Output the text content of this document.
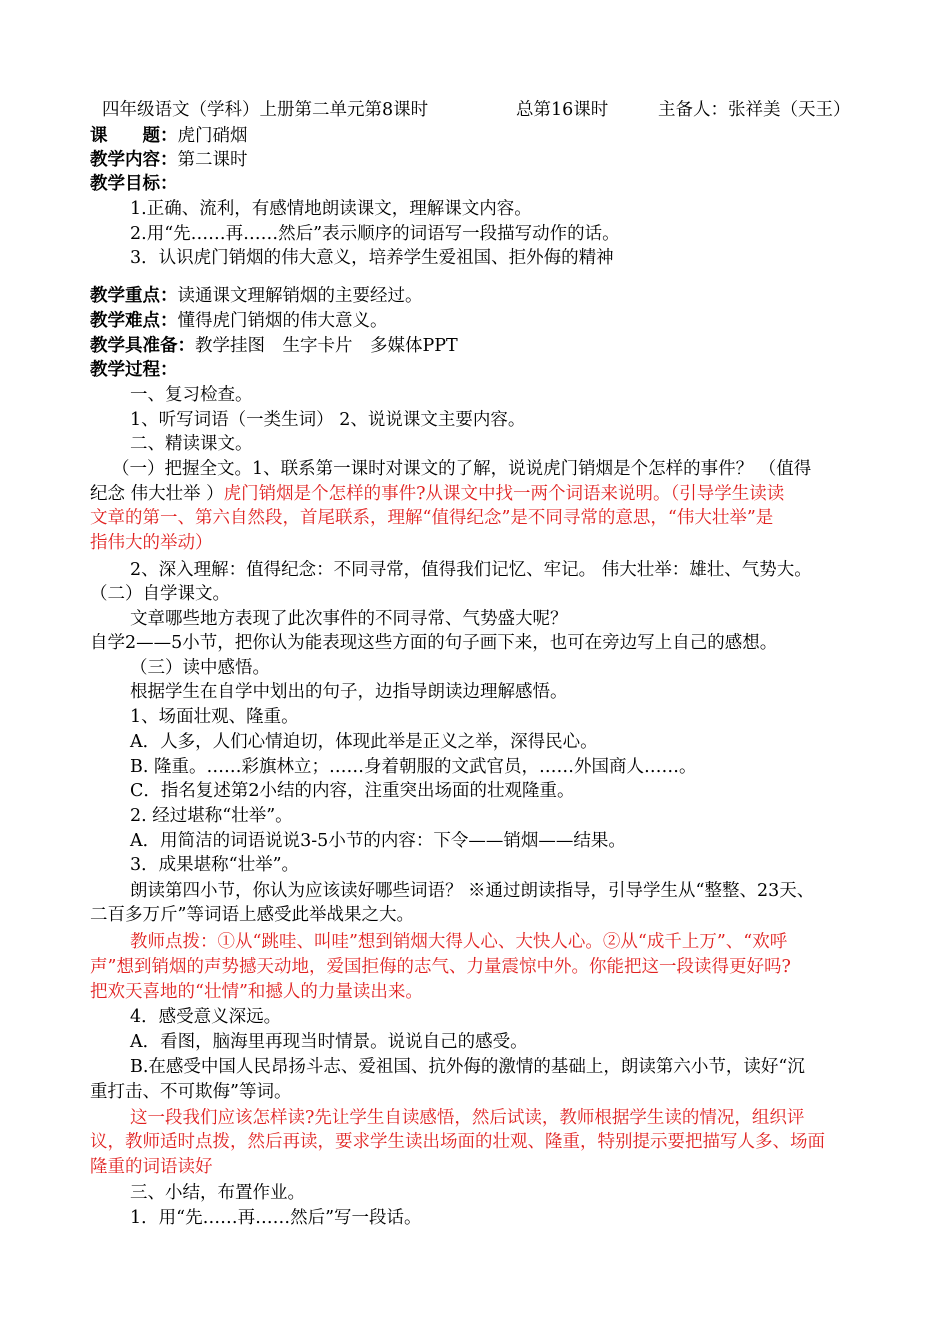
四年级语文（学科）上册第二单元第8课时	总第16课时	主备人：张祥美（天王）
课　　题：虎门硝烟
教学内容：第二课时
教学目标：
1.正确、流利，有感情地朗读课文，理解课文内容。
2.用“先……再……然后”表示顺序的词语写一段描写动作的话。
3．认识虎门销烟的伟大意义，培养学生爱祖国、拒外侮的精神
教学重点：读通课文理解销烟的主要经过。
教学难点：懂得虎门销烟的伟大意义。
教学具准备：教学挂图　生字卡片　多媒体PPT
教学过程：
一、复习检查。
1、听写词语（一类生词） 2、说说课文主要内容。
二、精读课文。
（一）把握全文。1、联系第一课时对课文的了解，说说虎门销烟是个怎样的事件？ （值得
纪念 伟大壮举 ）虎门销烟是个怎样的事件?从课文中找一两个词语来说明。（引导学生读读
文章的第一、第六自然段，首尾联系，理解“值得纪念”是不同寻常的意思，“伟大壮举”是
指伟大的举动）
2、深入理解：值得纪念：不同寻常，值得我们记忆、牢记。 伟大壮举：雄壮、气势大。
（二）自学课文。
文章哪些地方表现了此次事件的不同寻常、气势盛大呢？
自学2——5小节，把你认为能表现这些方面的句子画下来，也可在旁边写上自己的感想。
（三）读中感悟。
根据学生在自学中划出的句子，边指导朗读边理解感悟。
1、场面壮观、隆重。
A．人多，人们心情迫切，体现此举是正义之举，深得民心。
B. 隆重。……彩旗林立；……身着朝服的文武官员，……外国商人……。
C．指名复述第2小结的内容，注重突出场面的壮观隆重。
2. 经过堪称“壮举”。
A．用简洁的词语说说3-5小节的内容：下令——销烟——结果。
3．成果堪称“壮举”。
朗读第四小节，你认为应该读好哪些词语？ ※通过朗读指导，引导学生从“整整、23天、
二百多万斤”等词语上感受此举战果之大。
教师点拨：①从“跳哇、叫哇”想到销烟大得人心、大快人心。②从“成千上万”、“欢呼
声”想到销烟的声势撼天动地，爱国拒侮的志气、力量震惊中外。你能把这一段读得更好吗?
把欢天喜地的“壮情”和撼人的力量读出来。
4．感受意义深远。
A．看图，脑海里再现当时情景。说说自己的感受。
B.在感受中国人民昂扬斗志、爱祖国、抗外侮的激情的基础上，朗读第六小节，读好“沉
重打击、不可欺侮”等词。
这一段我们应该怎样读?先让学生自读感悟，然后试读，教师根据学生读的情况，组织评
议，教师适时点拨，然后再读，要求学生读出场面的壮观、隆重，特别提示要把描写人多、场面
隆重的词语读好
三、小结，布置作业。
1．用“先……再……然后”写一段话。
